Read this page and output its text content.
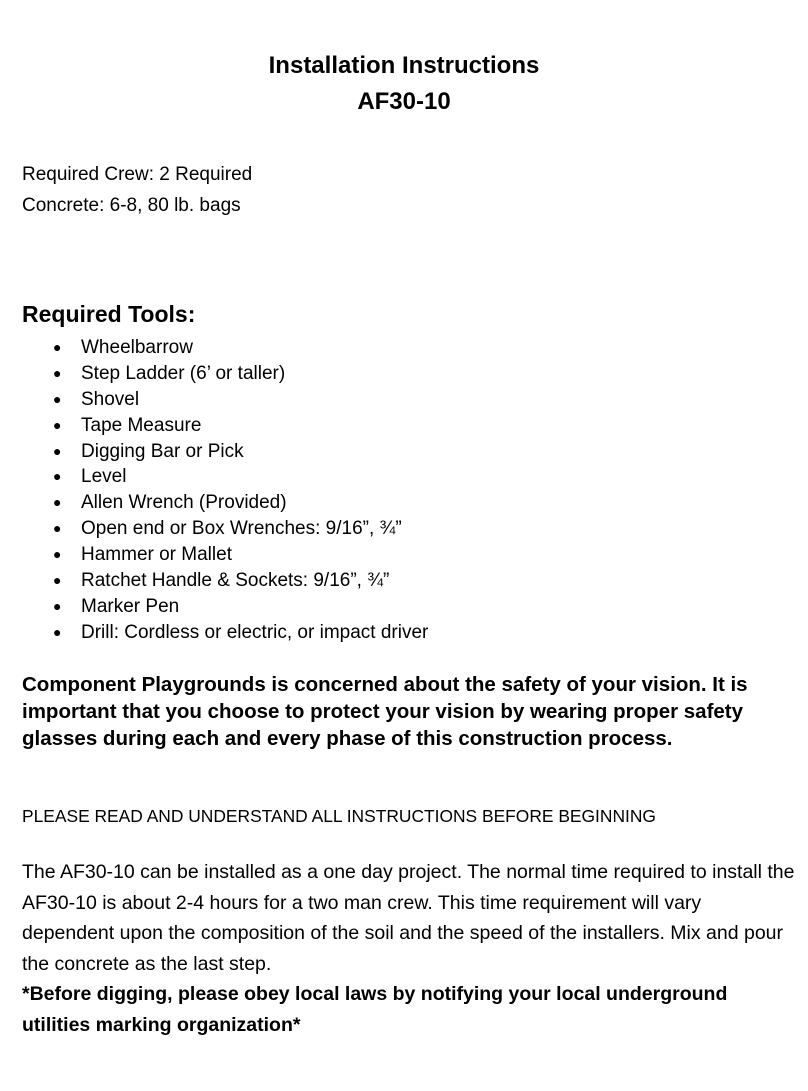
Installation Instructions
AF30-10
Required Crew: 2 Required
Concrete: 6-8, 80 lb. bags
Required Tools:
● Wheelbarrow
● Step Ladder (6’ or taller)
● Shovel
● Tape Measure
● Digging Bar or Pick
● Level
● Allen Wrench (Provided)
● Open end or Box Wrenches: 9/16”, ¾”
● Hammer or Mallet
● Ratchet Handle & Sockets: 9/16”, ¾”
● Marker Pen
● Drill: Cordless or electric, or impact driver
Component Playgrounds is concerned about the safety of your vision. It is important that you choose to protect your vision by wearing proper safety glasses during each and every phase of this construction process.
PLEASE READ AND UNDERSTAND ALL INSTRUCTIONS BEFORE BEGINNING
The AF30-10 can be installed as a one day project. The normal time required to install the AF30-10 is about 2-4 hours for a two man crew. This time requirement will vary dependent upon the composition of the soil and the speed of the installers. Mix and pour the concrete as the last step.
*Before digging, please obey local laws by notifying your local underground utilities marking organization*
